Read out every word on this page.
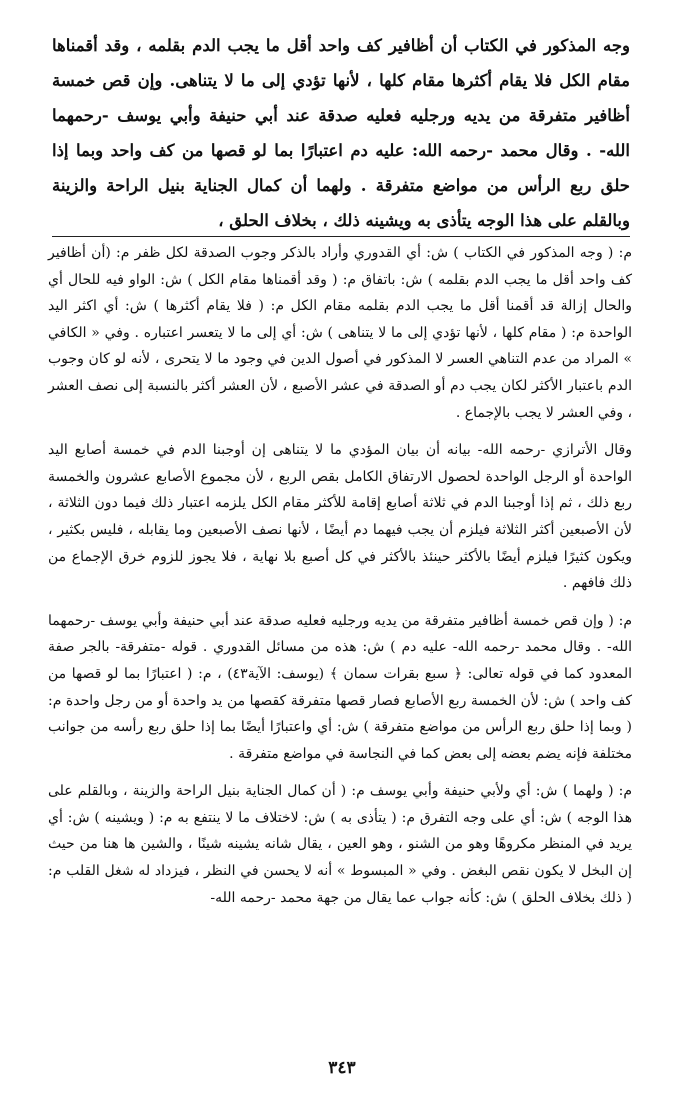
وجه المذكور في الكتاب أن أظافير كف واحد أقل ما يجب الدم بقلمه ، وقد أقمناها مقام الكل فلا يقام أكثرها مقام كلها ، لأنها تؤدي إلى ما لا يتناهى. وإن قص خمسة أظافير متفرقة من يديه ورجليه فعليه صدقة عند أبي حنيفة وأبي يوسف -رحمهما الله- . وقال محمد -رحمه الله: عليه دم اعتبارًا بما لو قصها من كف واحد وبما إذا حلق ربع الرأس من مواضع متفرقة . ولهما أن كمال الجناية بنيل الراحة والزينة وبالقلم على هذا الوجه يتأذى به ويشينه ذلك ، بخلاف الحلق ،

م: ( وجه المذكور في الكتاب ) ش: أي القدوري وأراد بالذكر وجوب الصدقة لكل ظفر م: (أن أظافير كف واحد أقل ما يجب الدم بقلمه ) ش: باتفاق م: ( وقد أقمناها مقام الكل ) ش: الواو فيه للحال أي والحال إزالة قد أقمنا أقل ما يجب الدم بقلمه مقام الكل م: ( فلا يقام أكثرها ) ش: أي اكثر اليد الواحدة م: ( مقام كلها ، لأنها تؤدي إلى ما لا يتناهى ) ش: أي إلى ما لا يتعسر اعتباره . وفي « الكافي » المراد من عدم التناهي العسر لا المذكور في أصول الدين في وجود ما لا يتحرى ، لأنه لو كان وجوب الدم باعتبار الأكثر لكان يجب دم أو الصدقة في عشر الأصبع ، لأن العشر أكثر بالنسبة إلى نصف العشر ، وفي العشر لا يجب بالإجماع .

وقال الأترازي -رحمه الله- بيانه أن بيان المؤدي ما لا يتناهى إن أوجبنا الدم في خمسة أصابع اليد الواحدة أو الرجل الواحدة لحصول الارتفاق الكامل بقص الربع ، لأن مجموع الأصابع عشرون والخمسة ربع ذلك ، ثم إذا أوجبنا الدم في ثلاثة أصابع إقامة للأكثر مقام الكل يلزمه اعتبار ذلك فيما دون الثلاثة ، لأن الأصبعين أكثر الثلاثة فيلزم أن يجب فيهما دم أيضًا ، لأنها نصف الأصبعين وما يقابله ، فليس بكثير ، ويكون كثيرًا فيلزم أيضًا بالأكثر حينئذ بالأكثر في كل أصبع بلا نهاية ، فلا يجوز للزوم خرق الإجماع من ذلك فافهم .

م: ( وإن قص خمسة أظافير متفرقة من يديه ورجليه فعليه صدقة عند أبي حنيفة وأبي يوسف -رحمهما الله- . وقال محمد -رحمه الله- عليه دم ) ش: هذه من مسائل القدوري . قوله -متفرقة- بالجر صفة المعدود كما في قوله تعالى: ﴿ سبع بقرات سمان ﴾ (يوسف: الآية٤٣) ، م: ( اعتبارًا بما لو قصها من كف واحد ) ش: لأن الخمسة ربع الأصابع فصار قصها متفرقة كقصها من يد واحدة أو من رجل واحدة م: ( وبما إذا حلق ربع الرأس من مواضع متفرقة ) ش: أي واعتبارًا أيضًا بما إذا حلق ربع رأسه من جوانب مختلفة فإنه يضم بعضه إلى بعض كما في النجاسة في مواضع متفرقة .

م: ( ولهما ) ش: أي ولأبي حنيفة وأبي يوسف م: ( أن كمال الجناية بنيل الراحة والزينة ، وبالقلم على هذا الوجه ) ش: أي على وجه التفرق م: ( يتأذى به ) ش: لاختلاف ما لا ينتفع به م: ( ويشينه ) ش: أي يريد في المنظر مكروهًا وهو من الشنو ، وهو العين ، يقال شانه يشينه شينًا ، والشين ها هنا من حيث إن البخل لا يكون نقص البغض . وفي « المبسوط » أنه لا يحسن في النظر ، فيزداد له شغل القلب م: ( ذلك بخلاف الحلق ) ش: كأنه جواب عما يقال من جهة محمد -رحمه الله-

٣٤٣
